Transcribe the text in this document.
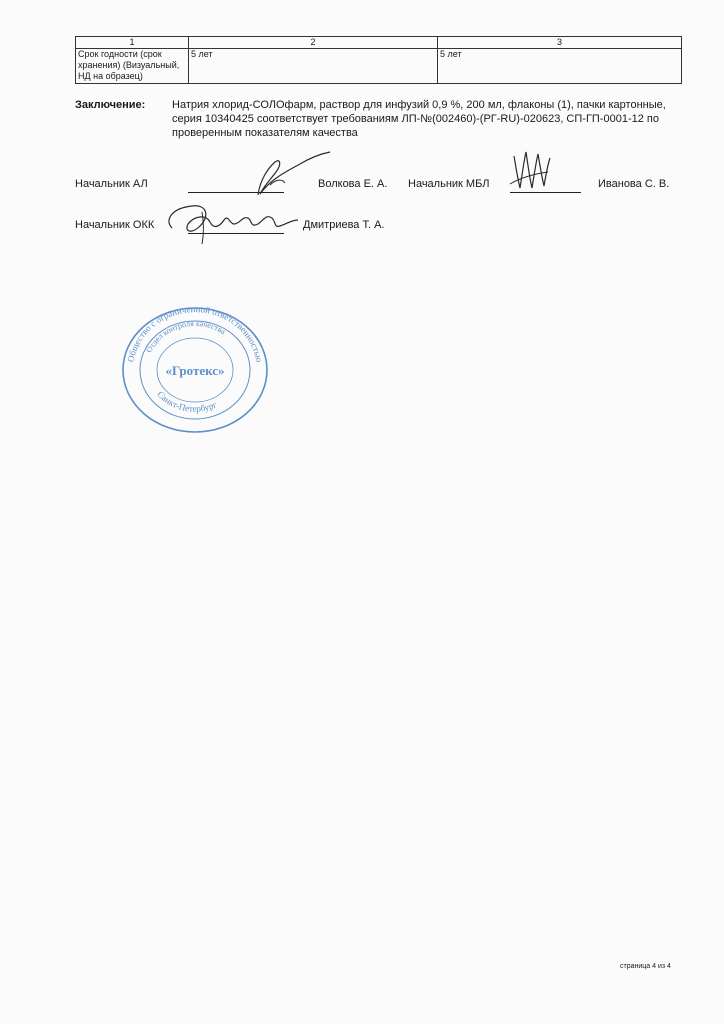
1	2	3
Срок годности (срок хранения) (Визуальный, НД на образец)	5 лет	5 лет
Заключение: Натрия хлорид-СОЛОфарм, раствор для инфузий 0,9 %, 200 мл, флаконы (1), пачки картонные, серия 10340425 соответствует требованиям ЛП-№(002460)-(РГ-RU)-020623, СП-ГП-0001-12 по проверенным показателям качества
Начальник АЛ	Волкова Е. А. Начальник МБЛ	Иванова С. В.
Начальник ОКК	Дмитриева Т. А.
Общество с ограниченной ответственностью
Отдел контроля качества
«Гротекс»
Санкт-Петербург
страница 4 из 4
